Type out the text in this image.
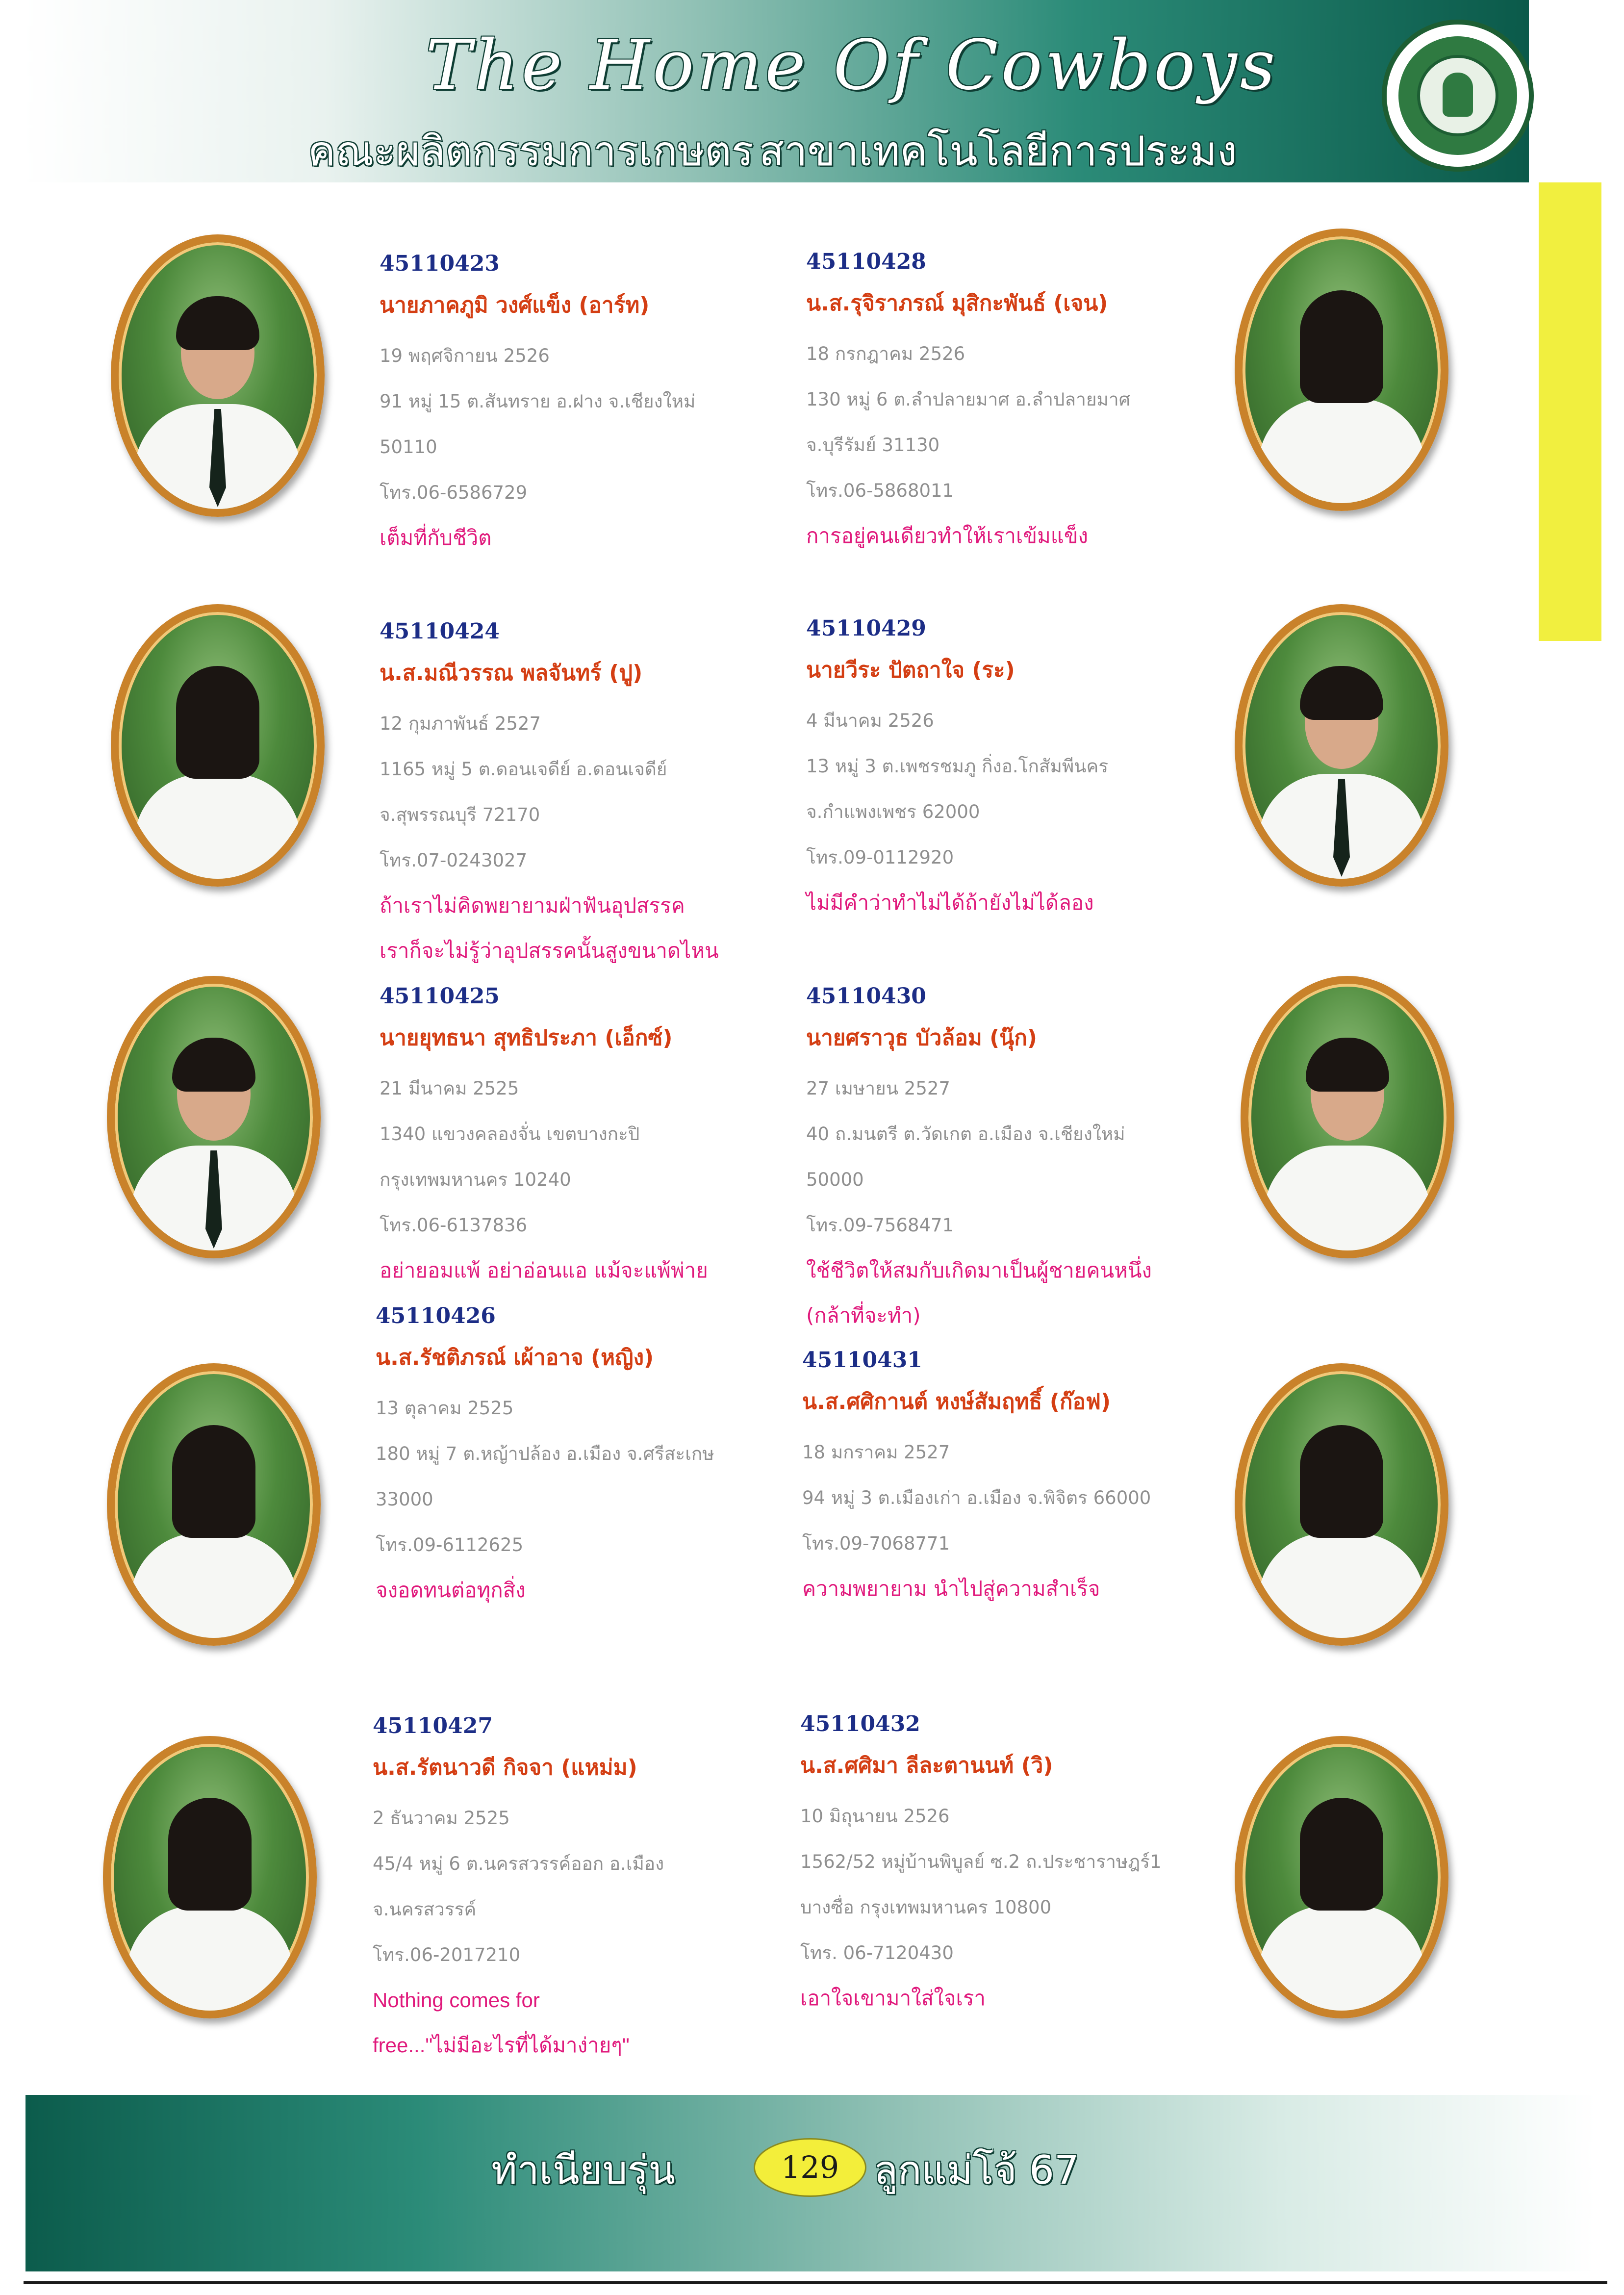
The Home Of Cowboys
คณะผลิตกรรมการเกษตร สาขาเทคโนโลยีการประมง

45110423

นายภาคภูมิ วงศ์แข็ง (อาร์ท)

19 พฤศจิกายน 2526
91 หมู่ 15 ต.สันทราย อ.ฝาง จ.เชียงใหม่
50110
โทร.06-6586729

เต็มที่กับชีวิต

45110428

น.ส.รุจิราภรณ์ มุสิกะพันธ์ (เจน)

18 กรกฎาคม 2526
130 หมู่ 6 ต.ลำปลายมาศ อ.ลำปลายมาศ
จ.บุรีรัมย์ 31130
โทร.06-5868011

การอยู่คนเดียวทำให้เราเข้มแข็ง

45110424

น.ส.มณีวรรณ พลจันทร์ (ปู)

12 กุมภาพันธ์ 2527
1165 หมู่ 5 ต.ดอนเจดีย์ อ.ดอนเจดีย์
จ.สุพรรณบุรี 72170
โทร.07-0243027

ถ้าเราไม่คิดพยายามฝ่าฟันอุปสรรค
เราก็จะไม่รู้ว่าอุปสรรคนั้นสูงขนาดไหน

45110429

นายวีระ ปัตถาใจ (ระ)

4 มีนาคม 2526
13 หมู่ 3 ต.เพชรชมภู กิ่งอ.โกสัมพีนคร
จ.กำแพงเพชร 62000
โทร.09-0112920

ไม่มีคำว่าทำไม่ได้ถ้ายังไม่ได้ลอง

45110425

นายยุทธนา สุทธิประภา (เอ็กซ์)

21 มีนาคม 2525
1340 แขวงคลองจั่น เขตบางกะปิ
กรุงเทพมหานคร 10240
โทร.06-6137836

อย่ายอมแพ้ อย่าอ่อนแอ แม้จะแพ้พ่าย

45110430

นายศราวุธ บัวล้อม (นุ๊ก)

27 เมษายน 2527
40 ถ.มนตรี ต.วัดเกต อ.เมือง จ.เชียงใหม่
50000
โทร.09-7568471

ใช้ชีวิตให้สมกับเกิดมาเป็นผู้ชายคนหนึ่ง
(กล้าที่จะทำ)

45110426

น.ส.รัชติภรณ์ เผ้าอาจ (หญิง)

13 ตุลาคม 2525
180 หมู่ 7 ต.หญ้าปล้อง อ.เมือง จ.ศรีสะเกษ
33000
โทร.09-6112625

จงอดทนต่อทุกสิ่ง

45110431

น.ส.ศศิกานต์ หงษ์สัมฤทธิ์ (ก๊อฟ)

18 มกราคม 2527
94 หมู่ 3 ต.เมืองเก่า อ.เมือง จ.พิจิตร 66000
โทร.09-7068771

ความพยายาม นำไปสู่ความสำเร็จ

45110427

น.ส.รัตนาวดี กิจจา (แหม่ม)

2 ธันวาคม 2525
45/4 หมู่ 6 ต.นครสวรรค์ออก อ.เมือง
จ.นครสวรรค์
โทร.06-2017210

Nothing comes for
free..."ไม่มีอะไรที่ได้มาง่ายๆ"

45110432

น.ส.ศศิมา ลีละตานนท์ (วิ)

10 มิถุนายน 2526
1562/52 หมู่บ้านพิบูลย์ ซ.2 ถ.ประชาราษฎร์1
บางซื่อ กรุงเทพมหานคร 10800
โทร. 06-7120430

เอาใจเขามาใส่ใจเรา

ทำเนียบรุ่น	129 ลูกแม่โจ้ 67
